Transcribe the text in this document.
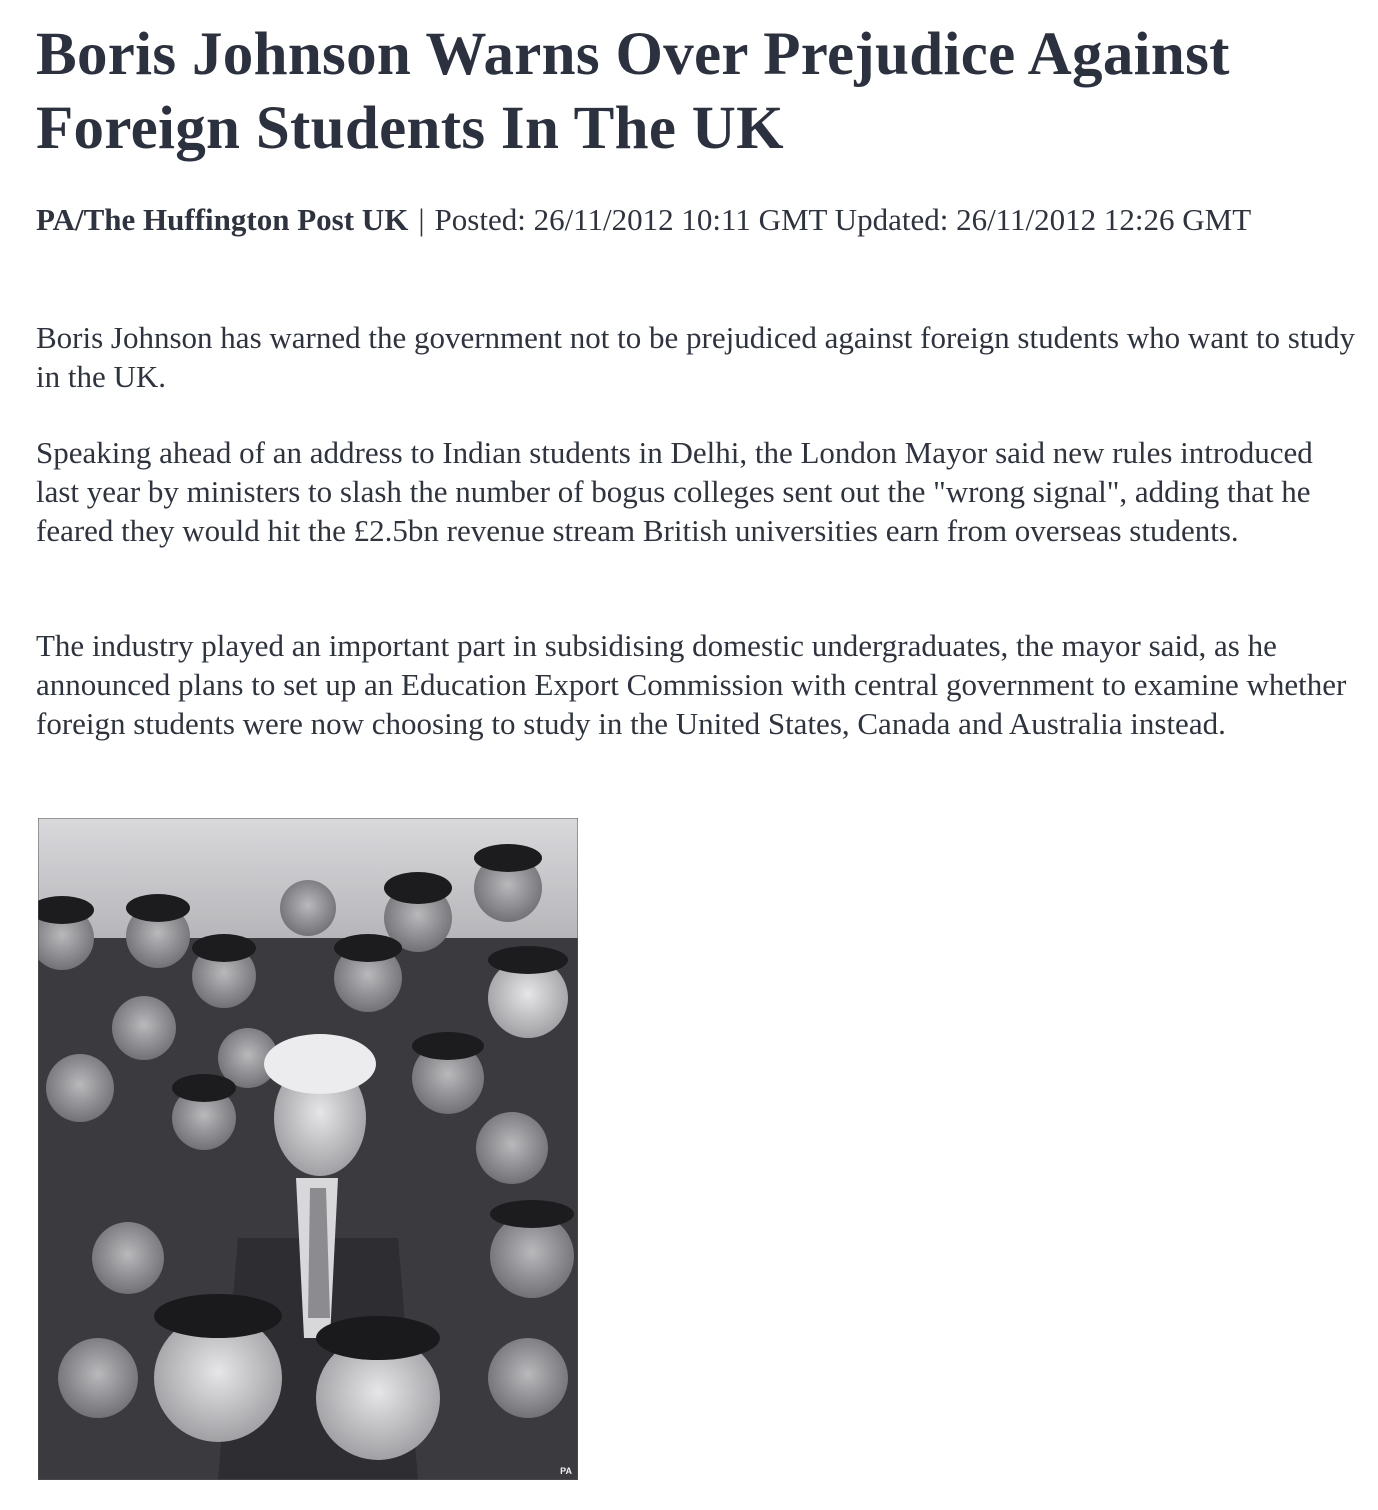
Boris Johnson Warns Over Prejudice Against Foreign Students In The UK

PA/The Huffington Post UK | Posted: 26/11/2012 10:11 GMT Updated: 26/11/2012 12:26 GMT

Boris Johnson has warned the government not to be prejudiced against foreign students who want to study in the UK.

Speaking ahead of an address to Indian students in Delhi, the London Mayor said new rules introduced last year by ministers to slash the number of bogus colleges sent out the "wrong signal", adding that he feared they would hit the £2.5bn revenue stream British universities earn from overseas students.

The industry played an important part in subsidising domestic undergraduates, the mayor said, as he announced plans to set up an Education Export Commission with central government to examine whether foreign students were now choosing to study in the United States, Canada and Australia instead.

PA
